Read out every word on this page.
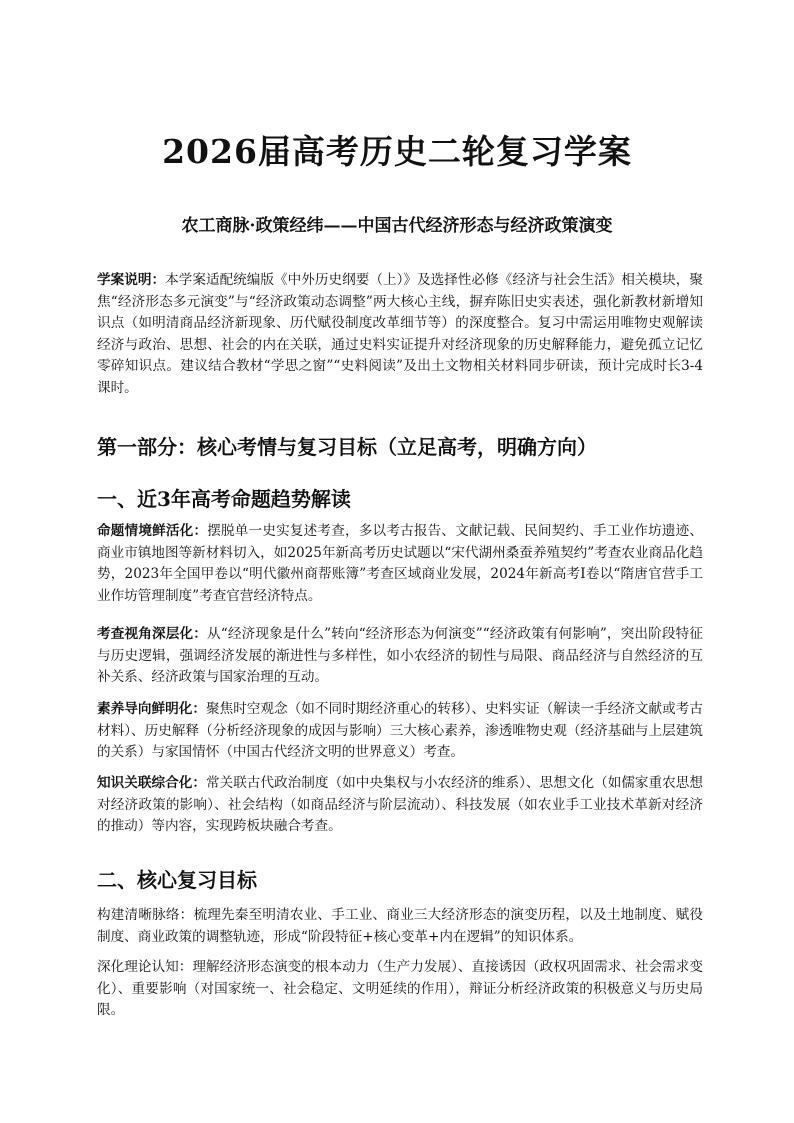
2026届高考历史二轮复习学案
农工商脉·政策经纬——中国古代经济形态与经济政策演变
学案说明：本学案适配统编版《中外历史纲要（上）》及选择性必修《经济与社会生活》相关模块，聚焦“经济形态多元演变”与“经济政策动态调整”两大核心主线，摒弃陈旧史实表述，强化新教材新增知识点（如明清商品经济新现象、历代赋役制度改革细节等）的深度整合。复习中需运用唯物史观解读经济与政治、思想、社会的内在关联，通过史料实证提升对经济现象的历史解释能力，避免孤立记忆零碎知识点。建议结合教材“学思之窗”“史料阅读”及出土文物相关材料同步研读，预计完成时长3-4课时。
第一部分：核心考情与复习目标（立足高考，明确方向）
一、近3年高考命题趋势解读
命题情境鲜活化：摆脱单一史实复述考查，多以考古报告、文献记载、民间契约、手工业作坊遗迹、商业市镇地图等新材料切入，如2025年新高考历史试题以“宋代湖州桑蚕养殖契约”考查农业商品化趋势，2023年全国甲卷以“明代徽州商帮账簿”考查区域商业发展，2024年新高考Ⅰ卷以“隋唐官营手工业作坊管理制度”考查官营经济特点。
考查视角深层化：从“经济现象是什么”转向“经济形态为何演变”“经济政策有何影响”，突出阶段特征与历史逻辑，强调经济发展的渐进性与多样性，如小农经济的韧性与局限、商品经济与自然经济的互补关系、经济政策与国家治理的互动。
素养导向鲜明化：聚焦时空观念（如不同时期经济重心的转移）、史料实证（解读一手经济文献或考古材料）、历史解释（分析经济现象的成因与影响）三大核心素养，渗透唯物史观（经济基础与上层建筑的关系）与家国情怀（中国古代经济文明的世界意义）考查。
知识关联综合化：常关联古代政治制度（如中央集权与小农经济的维系）、思想文化（如儒家重农思想对经济政策的影响）、社会结构（如商品经济与阶层流动）、科技发展（如农业手工业技术革新对经济的推动）等内容，实现跨板块融合考查。
二、核心复习目标
构建清晰脉络：梳理先秦至明清农业、手工业、商业三大经济形态的演变历程，以及土地制度、赋役制度、商业政策的调整轨迹，形成“阶段特征+核心变革+内在逻辑”的知识体系。
深化理论认知：理解经济形态演变的根本动力（生产力发展）、直接诱因（政权巩固需求、社会需求变化）、重要影响（对国家统一、社会稳定、文明延续的作用），辩证分析经济政策的积极意义与历史局限。
